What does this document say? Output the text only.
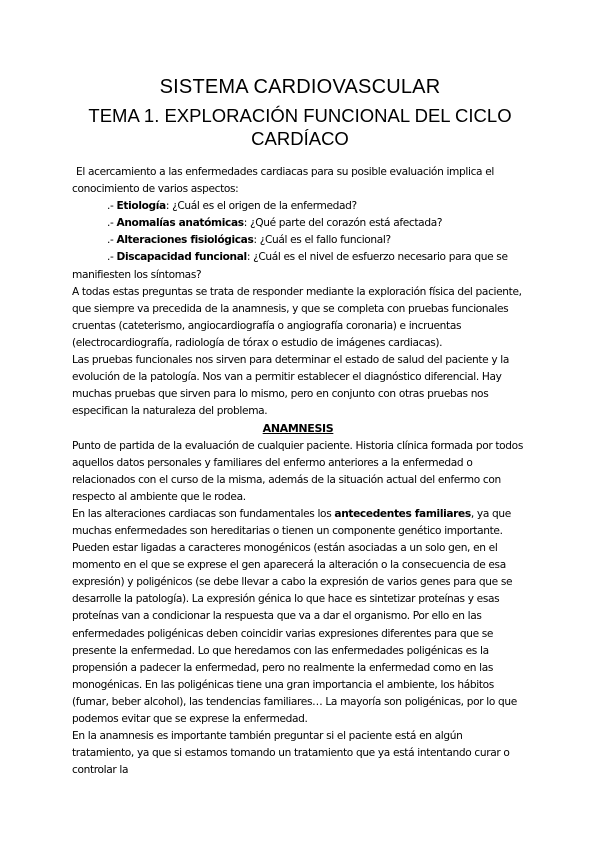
SISTEMA CARDIOVASCULAR
TEMA 1. EXPLORACIÓN FUNCIONAL DEL CICLO CARDÍACO

El acercamiento a las enfermedades cardiacas para su posible evaluación implica el conocimiento de varios aspectos:

.- Etiología: ¿Cuál es el origen de la enfermedad?

.- Anomalías anatómicas: ¿Qué parte del corazón está afectada?

.- Alteraciones fisiológicas: ¿Cuál es el fallo funcional?

.- Discapacidad funcional: ¿Cuál es el nivel de esfuerzo necesario para que se manifiesten los síntomas?

A todas estas preguntas se trata de responder mediante la exploración física del paciente, que siempre va precedida de la anamnesis, y que se completa con pruebas funcionales cruentas (cateterismo, angiocardiografía o angiografía coronaria) e incruentas (electrocardiografía, radiología de tórax o estudio de imágenes cardiacas).

Las pruebas funcionales nos sirven para determinar el estado de salud del paciente y la evolución de la patología. Nos van a permitir establecer el diagnóstico diferencial. Hay muchas pruebas que sirven para lo mismo, pero en conjunto con otras pruebas nos especifican la naturaleza del problema.

ANAMNESIS

Punto de partida de la evaluación de cualquier paciente. Historia clínica formada por todos aquellos datos personales y familiares del enfermo anteriores a la enfermedad o relacionados con el curso de la misma, además de la situación actual del enfermo con respecto al ambiente que le rodea.

En las alteraciones cardiacas son fundamentales los antecedentes familiares, ya que muchas enfermedades son hereditarias o tienen un componente genético importante. Pueden estar ligadas a caracteres monogénicos (están asociadas a un solo gen, en el momento en el que se exprese el gen aparecerá la alteración o la consecuencia de esa expresión) y poligénicos (se debe llevar a cabo la expresión de varios genes para que se desarrolle la patología). La expresión génica lo que hace es sintetizar proteínas y esas proteínas van a condicionar la respuesta que va a dar el organismo. Por ello en las enfermedades poligénicas deben coincidir varias expresiones diferentes para que se presente la enfermedad. Lo que heredamos con las enfermedades poligénicas es la propensión a padecer la enfermedad, pero no realmente la enfermedad como en las monogénicas. En las poligénicas tiene una gran importancia el ambiente, los hábitos (fumar, beber alcohol), las tendencias familiares… La mayoría son poligénicas, por lo que podemos evitar que se exprese la enfermedad.

En la anamnesis es importante también preguntar si el paciente está en algún tratamiento, ya que si estamos tomando un tratamiento que ya está intentando curar o controlar la
